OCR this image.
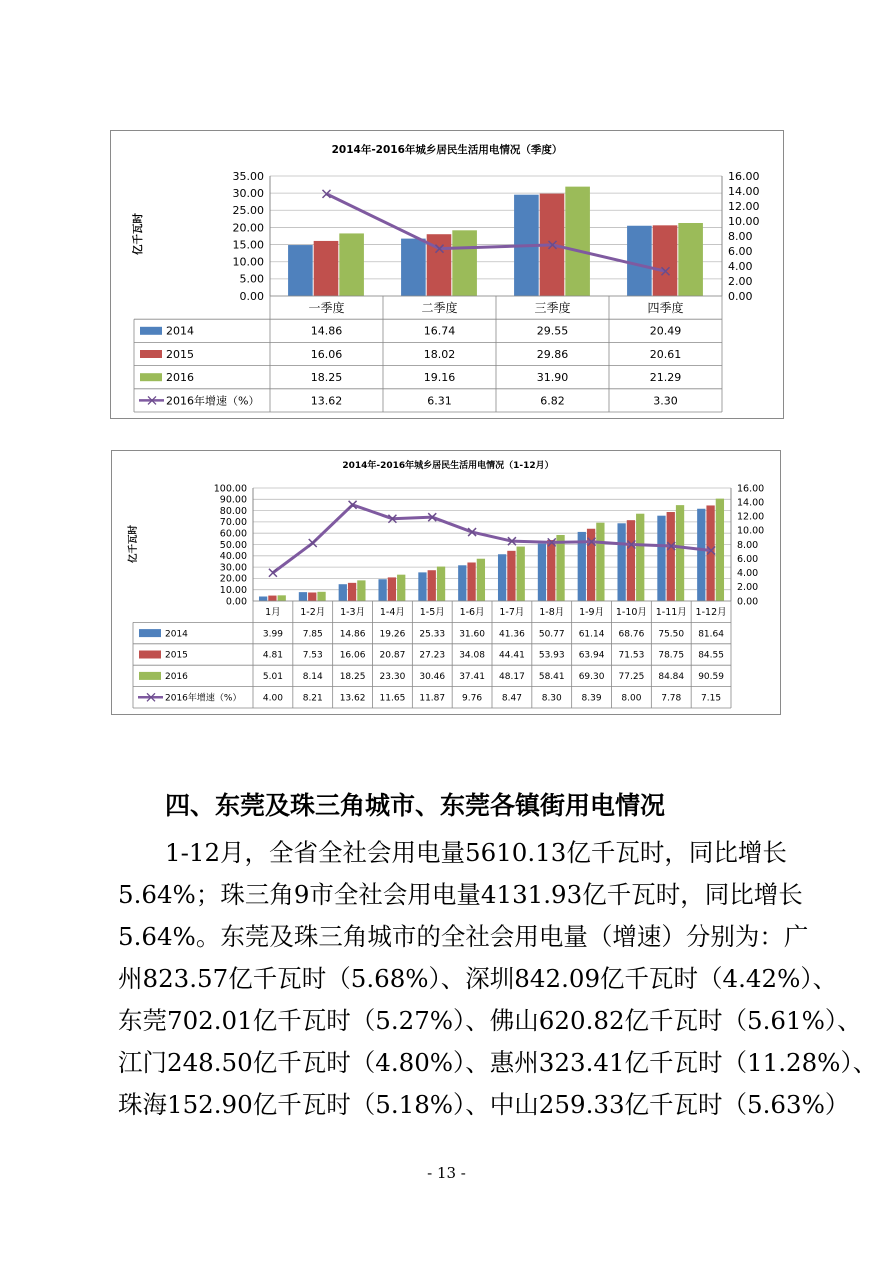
2014年-2016年城乡居民生活用电情况（季度）
亿千瓦时
0.00
5.00
10.00
15.00
20.00
25.00
30.00
35.00
0.00
2.00
4.00
6.00
8.00
10.00
12.00
14.00
16.00
一季度	二季度	三季度	四季度
2014	14.86	16.74	29.55	20.49
2015	16.06	18.02	29.86	20.61
2016	18.25	19.16	31.90	21.29
2016年增速（%）	13.62	6.31	6.82	3.30
2014年-2016年城乡居民生活用电情况（1-12月）
亿千瓦时
0.00
10.00
20.00
30.00
40.00
50.00
60.00
70.00
80.00
90.00
100.00
0.00
2.00
4.00
6.00
8.00
10.00
12.00
14.00
16.00
1月 1-2月 1-3月 1-4月 1-5月 1-6月 1-7月 1-8月 1-9月 1-10月 1-11月 1-12月
2014	3.99 7.85 14.86 19.26 25.33 31.60 41.36 50.77 61.14 68.76 75.50 81.64
2015	4.81 7.53 16.06 20.87 27.23 34.08 44.41 53.93 63.94 71.53 78.75 84.55
2016	5.01 8.14 18.25 23.30 30.46 37.41 48.17 58.41 69.30 77.25 84.84 90.59
2016年增速（%） 4.00 8.21 13.62 11.65 11.87 9.76 8.47 8.30 8.39 8.00 7.78 7.15
四、东莞及珠三角城市、东莞各镇街用电情况
1-12月，全省全社会用电量5610.13亿千瓦时，同比增长
5.64%；珠三角9市全社会用电量4131.93亿千瓦时，同比增长
5.64%。东莞及珠三角城市的全社会用电量（增速）分别为：广
州823.57亿千瓦时（5.68%）、深圳842.09亿千瓦时（4.42%）、
东莞702.01亿千瓦时（5.27%）、佛山620.82亿千瓦时（5.61%）、
江门248.50亿千瓦时（4.80%）、惠州323.41亿千瓦时（11.28%）、
珠海152.90亿千瓦时（5.18%）、中山259.33亿千瓦时（5.63%）
- 13 -
